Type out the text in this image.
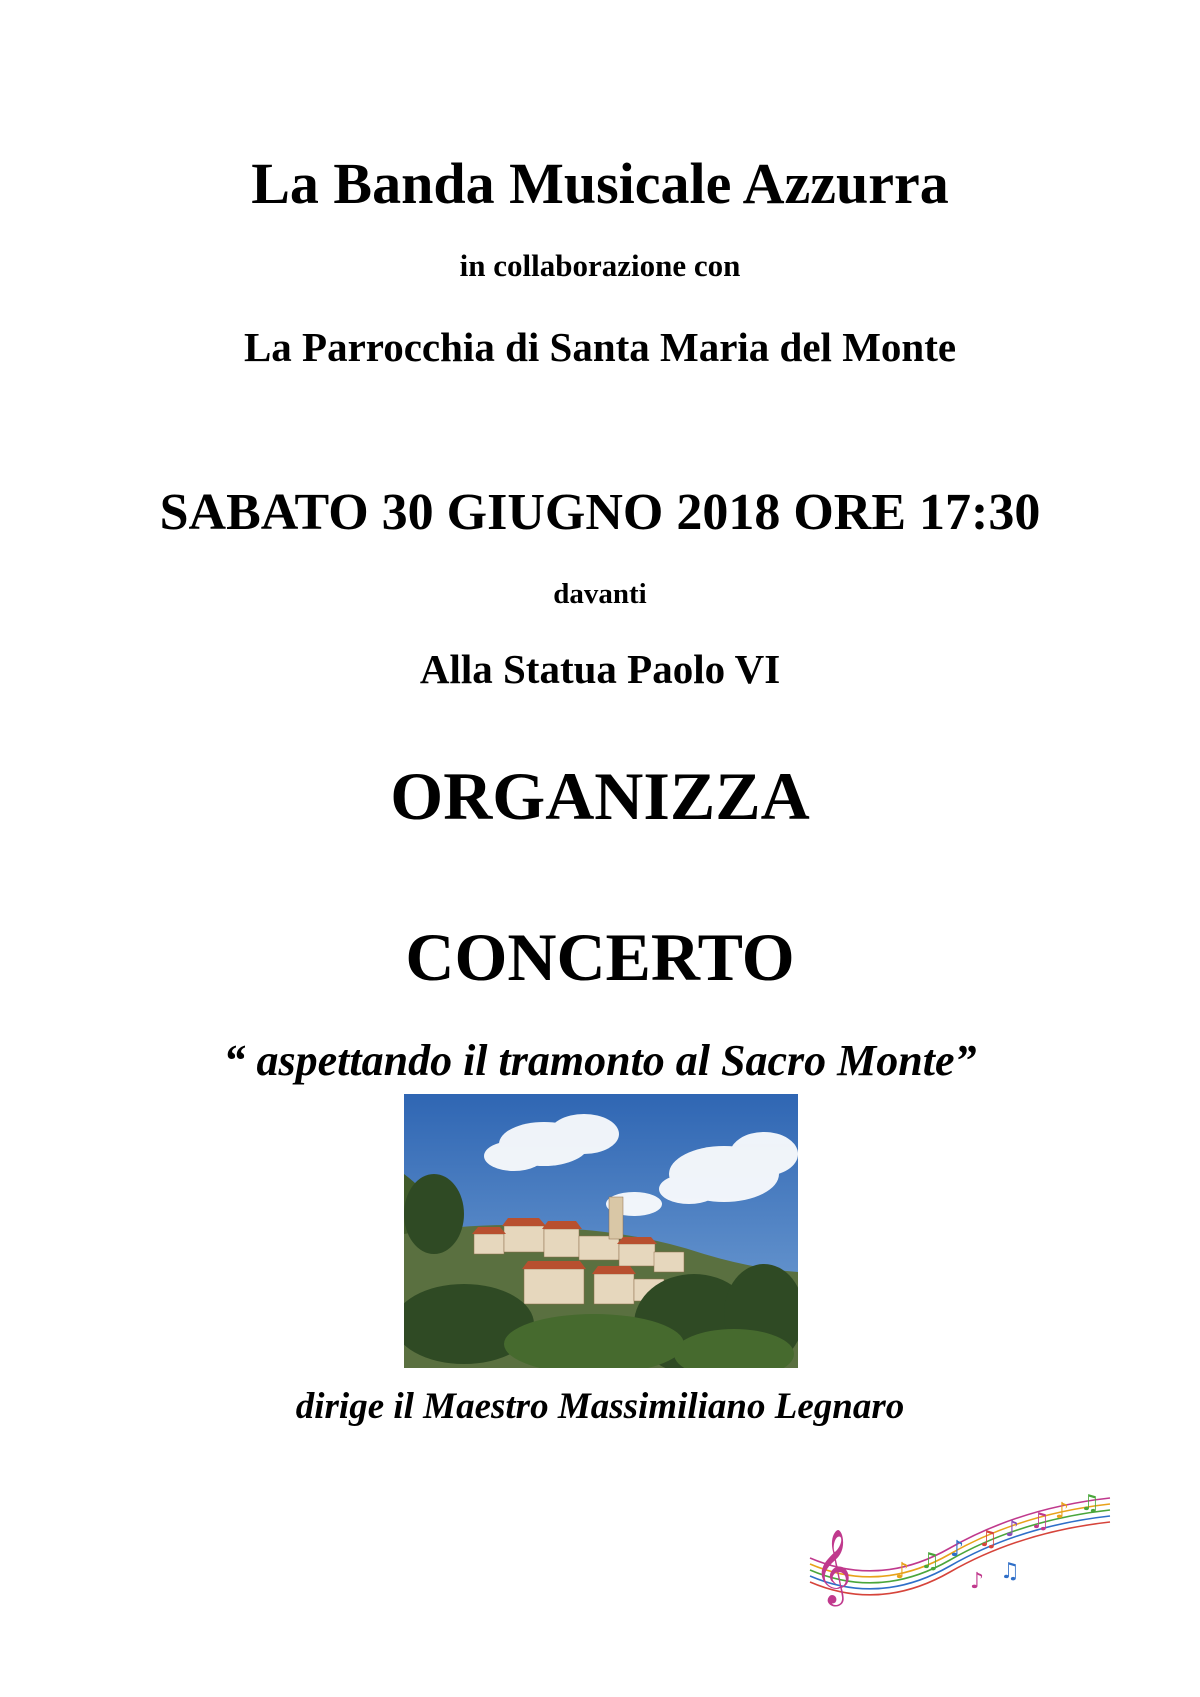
La Banda Musicale Azzurra
in collaborazione con
La Parrocchia di Santa Maria del Monte
SABATO 30 GIUGNO 2018 ORE 17:30
davanti
Alla Statua Paolo VI
ORGANIZZA
CONCERTO
“ aspettando il tramonto al Sacro Monte”
dirige il Maestro Massimiliano Legnaro
𝄞 ♪ ♫ ♪ ♫ ♪ ♫ ♪ ♫
♪ ♫
